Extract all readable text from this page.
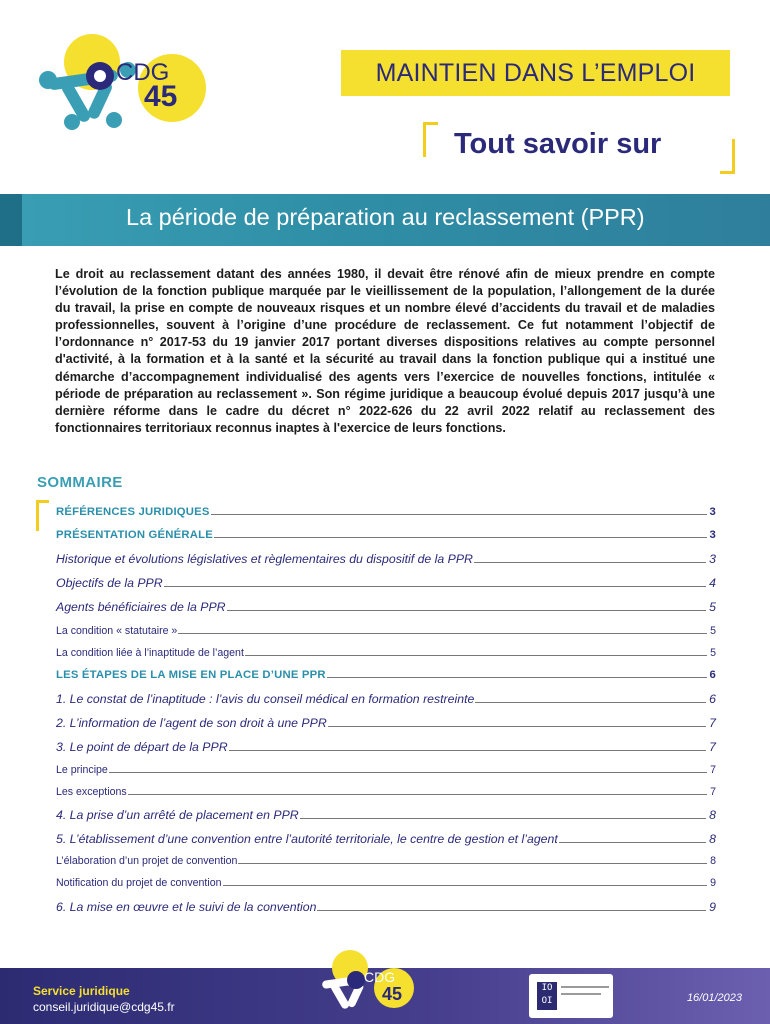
CDG
45
MAINTIEN DANS L’EMPLOI
Tout savoir sur
La période de préparation au reclassement (PPR)
Le droit au reclassement datant des années 1980, il devait être rénové afin de mieux prendre en compte l’évolution de la fonction publique marquée par le vieillissement de la population, l’allongement de la durée du travail, la prise en compte de nouveaux risques et un nombre élevé d’accidents du travail et de maladies professionnelles, souvent à l’origine d’une procédure de reclassement. Ce fut notamment l’objectif de l’ordonnance n° 2017-53 du 19 janvier 2017 portant diverses dispositions relatives au compte personnel d'activité, à la formation et à la santé et la sécurité au travail dans la fonction publique qui a institué une démarche d’accompagnement individualisé des agents vers l’exercice de nouvelles fonctions, intitulée « période de préparation au reclassement ». Son régime juridique a beaucoup évolué depuis 2017 jusqu’à une dernière réforme dans le cadre du décret n° 2022-626 du 22 avril 2022 relatif au reclassement des fonctionnaires territoriaux reconnus inaptes à l'exercice de leurs fonctions.
SOMMAIRE
RÉFÉRENCES JURIDIQUES	3
PRÉSENTATION GÉNÉRALE	3
Historique et évolutions législatives et règlementaires du dispositif de la PPR	3
Objectifs de la PPR	4
Agents bénéficiaires de la PPR	5
La condition « statutaire »	5
La condition liée à l’inaptitude de l’agent	5
LES ÉTAPES DE LA MISE EN PLACE D’UNE PPR	6
1. Le constat de l’inaptitude : l’avis du conseil médical en formation restreinte	6
2. L’information de l’agent de son droit à une PPR	7
3. Le point de départ de la PPR	7
Le principe	7
Les exceptions	7
4. La prise d’un arrêté de placement en PPR	8
5. L’établissement d’une convention entre l’autorité territoriale, le centre de gestion et l’agent	8
L’élaboration d’un projet de convention	8
Notification du projet de convention	9
6. La mise en œuvre et le suivi de la convention	9
CDG
45
Service juridique
conseil.juridique@cdg45.fr
IO OI	16/01/2023
